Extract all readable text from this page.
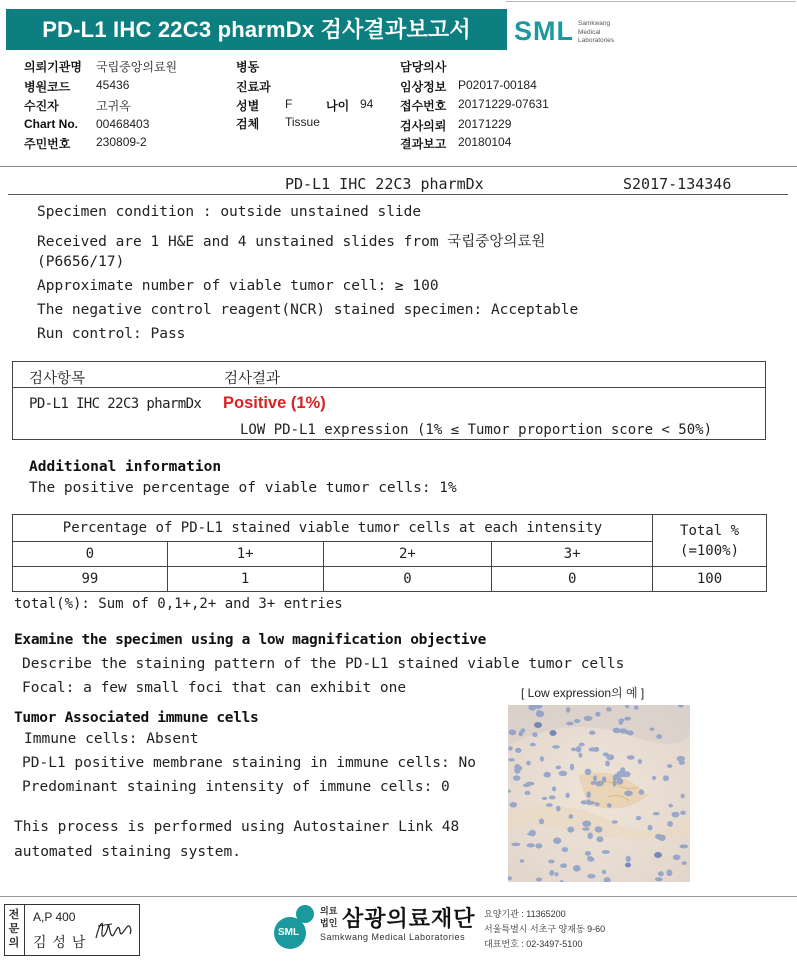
PD-L1 IHC 22C3 pharmDx 검사결과보고서	SML Samkwang
Medical
Laboratories
의뢰기관명 국립중앙의료원
병원코드 45436
수진자	고귀옥
Chart No. 00468403
주민번호 230809-2
병동
진료과
성별 F	나이 94
검체 Tissue
담당의사
임상정보 P02017-00184
접수번호 20171229-07631
검사의뢰 20171229
결과보고 20180104
PD-L1 IHC 22C3 pharmDx	S2017-134346
Specimen condition : outside unstained slide
Received are 1 H&E and 4 unstained slides from 국립중앙의료원
(P6656/17)
Approximate number of viable tumor cell: ≥ 100
The negative control reagent(NCR) stained specimen: Acceptable
Run control: Pass
검사항목	검사결과
PD-L1 IHC 22C3 pharmDx Positive (1%)
LOW PD-L1 expression (1% ≤ Tumor proportion score < 50%)
Additional information
The positive percentage of viable tumor cells: 1%
Percentage of PD-L1 stained viable tumor cells at each intensity				Total %
(=100%)

0	1+	2+	3+	
99	1	0	0	100
total(%): Sum of 0,1+,2+ and 3+ entries
Examine the specimen using a low magnification objective
Describe the staining pattern of the PD-L1 stained viable tumor cells
Focal: a few small foci that can exhibit one	[ Low expression의 예 ]
Tumor Associated immune cells
Immune cells: Absent
PD-L1 positive membrane staining in immune cells: No
Predominant staining intensity of immune cells: 0
This process is performed using Autostainer Link 48
automated staining system.
전문의
A,P 400
김 성 남
SML
의료
법인 삼광의료재단
Samkwang Medical Laboratories
요양기관 : 11365200
서울특별시 서초구 양재동 9-60
대표번호 : 02-3497-5100
